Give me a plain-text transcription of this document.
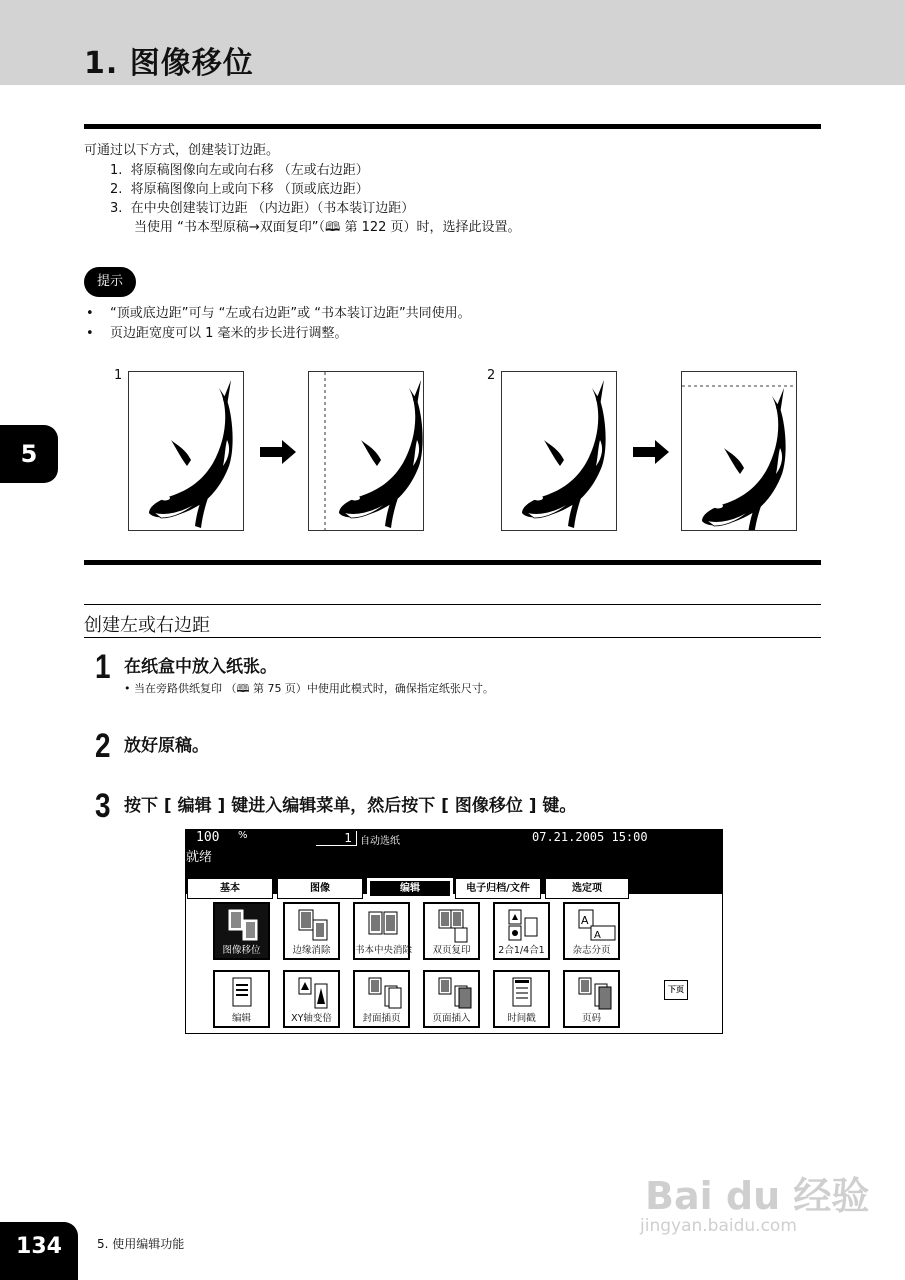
1. 图像移位
可通过以下方式，创建装订边距。
1. 将原稿图像向左或向右移 （左或右边距）
2. 将原稿图像向上或向下移 （顶或底边距）
3. 在中央创建装订边距 （内边距）（书本装订边距）
当使用 “书本型原稿→双面复印”（🕮 第 122 页）时，选择此设置。
提示
• “顶或底边距”可与 “左或右边距”或 “书本装订边距”共同使用。
• 页边距宽度可以 1 毫米的步长进行调整。
5
1	2
创建左或右边距
1 在纸盒中放入纸张。
• 当在旁路供纸复印 （🕮 第 75 页）中使用此模式时，确保指定纸张尺寸。
2 放好原稿。
3 按下 [ 编辑 ] 键进入编辑菜单，然后按下 [ 图像移位 ] 键。
100 %	1 自动选纸	07.21.2005 15:00
就绪
基本	图像	编辑	电子归档/文件	选定项
图像移位	边缘消除	书本中央消除	双页复印	2合1/4合1
A
A
杂志分页
编辑	XY轴变倍	封面插页	页面插入	时间戳	页码
下页
Bai du 经验
jingyan.baidu.com
134	5. 使用编辑功能
